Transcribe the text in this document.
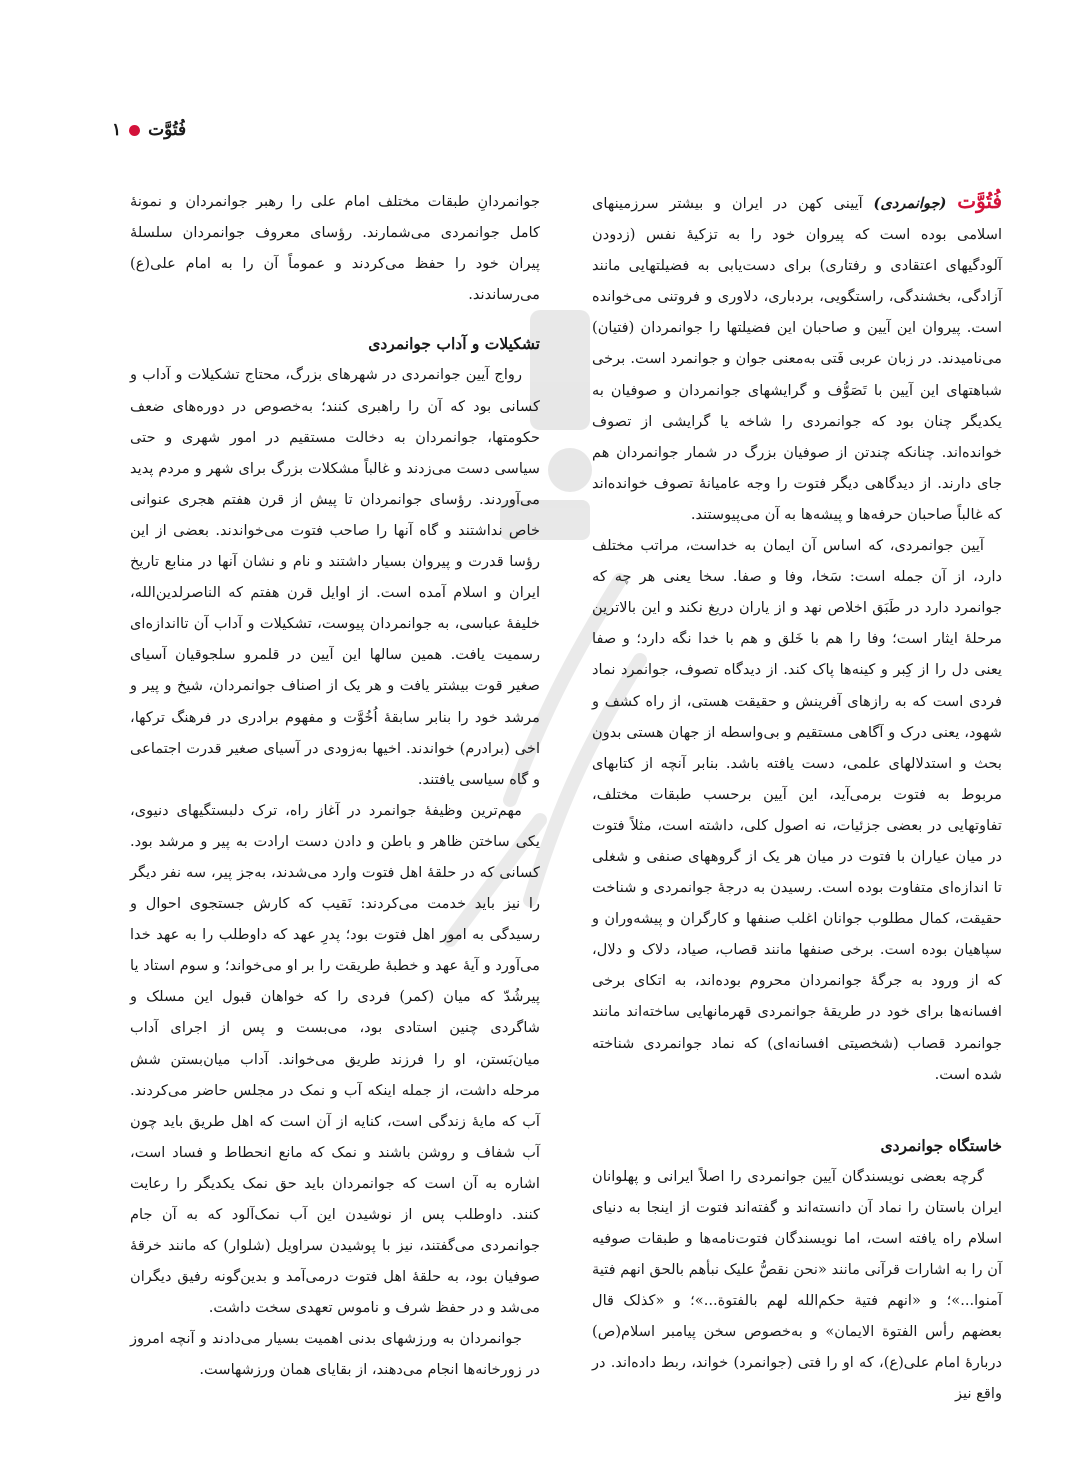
فُتُوَّت
۱

فُتُوَّت (جوانمردی) آیینی کهن در ایران و بیشتر سرزمینهای اسلامی بوده است که پیروان خود را به تزکیۀ نفس (زدودن آلودگیهای اعتقادی و رفتاری) برای دست‌یابی به فضیلتهایی مانند آزادگی، بخشندگی، راستگویی، بردباری، دلاوری و فروتنی می‌خوانده است. پیروان این آیین و صاحبان این فضیلتها را جوانمردان (فتیان) می‌نامیدند. در زبان عربی فَتی به‌معنی جوان و جوانمرد است. برخی شباهتهای این آیین با تَصَوُّف و گرایشهای جوانمردان و صوفیان به یکدیگر چنان بود که جوانمردی را شاخه یا گرایشی از تصوف خوانده‌اند. چنانکه چندتن از صوفیان بزرگ در شمار جوانمردان هم جای دارند. از دیدگاهی دیگر فتوت را وجه عامیانۀ تصوف خوانده‌اند که غالباً صاحبان حرفه‌ها و پیشه‌ها به آن می‌پیوستند.

آیین جوانمردی، که اساس آن ایمان به خداست، مراتب مختلف دارد، از آن جمله است: سَخا، وفا و صفا. سخا یعنی هر چه که جوانمرد دارد در طَبَق اخلاص نهد و از یاران دریغ نکند و این بالاترین مرحلۀ ایثار است؛ وفا را هم با خَلق و هم با خدا نگه دارد؛ و صفا یعنی دل را از کِبر و کینه‌ها پاک کند. از دیدگاه تصوف، جوانمرد نماد فردی است که به رازهای آفرینش و حقیقت هستی، از راه کشف و شهود، یعنی درک و آگاهی مستقیم و بی‌واسطه از جهان هستی بدون بحث و استدلالهای علمی، دست یافته باشد. بنابر آنچه از کتابهای مربوط به فتوت برمی‌آید، این آیین برحسب طبقات مختلف، تفاوتهایی در بعضی جزئیات، نه اصول کلی، داشته است، مثلاً فتوت در میان عیاران با فتوت در میان هر یک از گروههای صنفی و شغلی تا اندازه‌ای متفاوت بوده است. رسیدن به درجۀ جوانمردی و شناخت حقیقت، کمال مطلوب جوانان اغلب صنفها و کارگران و پیشه‌وران و سپاهیان بوده است. برخی صنفها مانند قصاب، صیاد، دلاک و دلال، که از ورود به جرگۀ جوانمردان محروم بوده‌اند، به اتکای برخی افسانه‌ها برای خود در طریقۀ جوانمردی قهرمانهایی ساخته‌اند مانند جوانمرد قصاب (شخصیتی افسانه‌ای) که نماد جوانمردی شناخته شده است.

خاستگاه جوانمردی

گرچه بعضی نویسندگان آیین جوانمردی را اصلاً ایرانی و پهلوانان ایران باستان را نماد آن دانسته‌اند و گفته‌اند فتوت از اینجا به دنیای اسلام راه یافته است، اما نویسندگان فتوت‌نامه‌ها و طبقات صوفیه آن را به اشارات قرآنی مانند «نحن نقصُّ علیک نبأهم بالحق انهم فتیة آمنوا...»؛ و «انهم فتیة حکم‌الله لهم بالفتوة...»؛ و «کذلک قال بعضهم رأس الفتوة الایمان» و به‌خصوص سخن پیامبر اسلام(ص) دربارۀ امام علی(ع)، که او را فتی (جوانمرد) خواند، ربط داده‌اند. در واقع نیز

جوانمردانِ طبقات مختلف امام علی را رهبر جوانمردان و نمونۀ کامل جوانمردی می‌شمارند. رؤسای معروف جوانمردان سلسلۀ پیران خود را حفظ می‌کردند و عموماً آن را به امام علی(ع) می‌رساندند.

تشکیلات و آداب جوانمردی

رواج آیین جوانمردی در شهرهای بزرگ، محتاج تشکیلات و آداب و کسانی بود که آن را راهبری کنند؛ به‌خصوص در دوره‌های ضعف حکومتها، جوانمردان به دخالت مستقیم در امور شهری و حتی سیاسی دست می‌زدند و غالباً مشکلات بزرگ برای شهر و مردم پدید می‌آوردند. رؤسای جوانمردان تا پیش از قرن هفتم هجری عنوانی خاص نداشتند و گاه آنها را صاحب فتوت می‌خواندند. بعضی از این رؤسا قدرت و پیروان بسیار داشتند و نام و نشان آنها در منابع تاریخ ایران و اسلام آمده است. از اوایل قرن هفتم که الناصرلدین‌الله، خلیفۀ عباسی، به جوانمردان پیوست، تشکیلات و آداب آن تااندازه‌ای رسمیت یافت. همین سالها این آیین در قلمرو سلجوقیان آسیای صغیر قوت بیشتر یافت و هر یک از اصناف جوانمردان، شیخ و پیر و مرشد خود را بنابر سابقۀ اُخُوَّت و مفهوم برادری در فرهنگ ترکها، اخی (برادرم) خواندند. اخیها به‌زودی در آسیای صغیر قدرت اجتماعی و گاه سیاسی یافتند.

مهم‌ترین وظیفۀ جوانمرد در آغاز راه، ترک دلبستگیهای دنیوی، یکی ساختن ظاهر و باطن و دادن دست ارادت به پیر و مرشد بود. کسانی که در حلقۀ اهل فتوت وارد می‌شدند، به‌جز پیر، سه نفر دیگر را نیز باید خدمت می‌کردند: نَقیب که کارش جستجوی احوال و رسیدگی به امور اهل فتوت بود؛ پدرِ عهد که داوطلب را به عهد خدا می‌آورد و آیۀ عهد و خطبۀ طریقت را بر او می‌خواند؛ و سوم استاد یا پیرشُدّ که میان (کمر) فردی را که خواهان قبول این مسلک و شاگردی چنین استادی بود، می‌بست و پس از اجرای آداب میان‌بَستن، او را فرزند طریق می‌خواند. آداب میان‌بستن شش مرحله داشت، از جمله اینکه آب و نمک در مجلس حاضر می‌کردند. آب که مایۀ زندگی است، کنایه از آن است که اهل طریق باید چون آب شفاف و روشن باشند و نمک که مانع انحطاط و فساد است، اشاره به آن است که جوانمردان باید حق نمک یکدیگر را رعایت کنند. داوطلب پس از نوشیدن این آب نمک‌آلود که به آن جام جوانمردی می‌گفتند، نیز با پوشیدن سراویل (شلوار) که مانند خرقۀ صوفیان بود، به حلقۀ اهل فتوت درمی‌آمد و بدین‌گونه رفیق دیگران می‌شد و در حفظ شرف و ناموس تعهدی سخت داشت.

جوانمردان به ورزشهای بدنی اهمیت بسیار می‌دادند و آنچه امروز در زورخانه‌ها انجام می‌دهند، از بقایای همان ورزشهاست.
